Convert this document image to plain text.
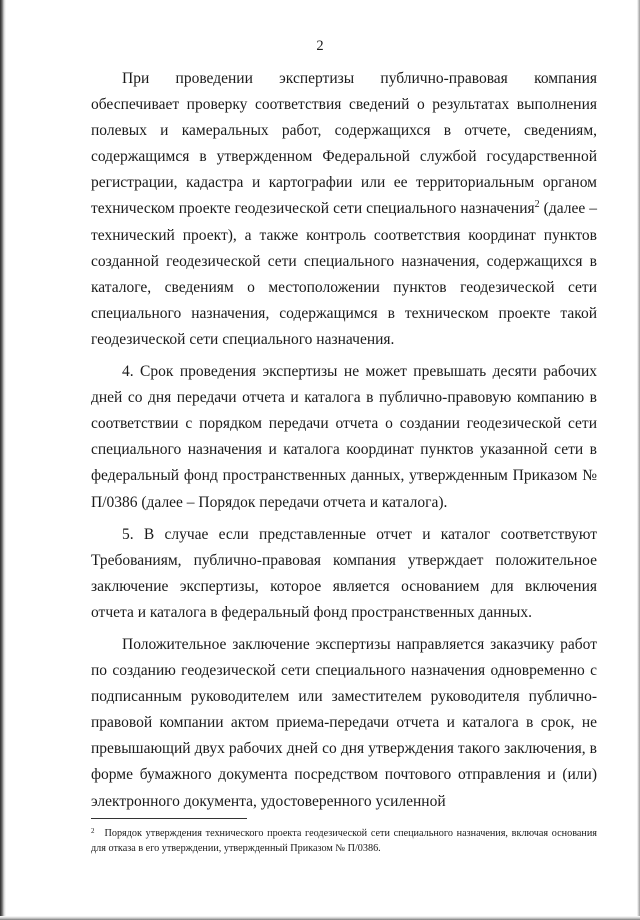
2

При проведении экспертизы публично-правовая компания обеспечивает проверку соответствия сведений о результатах выполнения полевых и камеральных работ, содержащихся в отчете, сведениям, содержащимся в утвержденном Федеральной службой государственной регистрации, кадастра и картографии или ее территориальным органом техническом проекте геодезической сети специального назначения$^2$ (далее – технический проект), а также контроль соответствия координат пунктов созданной геодезической сети специального назначения, содержащихся в каталоге, сведениям о местоположении пунктов геодезической сети специального назначения, содержащимся в техническом проекте такой геодезической сети специального назначения.

4. Срок проведения экспертизы не может превышать десяти рабочих дней со дня передачи отчета и каталога в публично-правовую компанию в соответствии с порядком передачи отчета о создании геодезической сети специального назначения и каталога координат пунктов указанной сети в федеральный фонд пространственных данных, утвержденным Приказом № П/0386 (далее – Порядок передачи отчета и каталога).

5. В случае если представленные отчет и каталог соответствуют Требованиям, публично-правовая компания утверждает положительное заключение экспертизы, которое является основанием для включения отчета и каталога в федеральный фонд пространственных данных.

Положительное заключение экспертизы направляется заказчику работ по созданию геодезической сети специального назначения одновременно с подписанным руководителем или заместителем руководителя публично-правовой компании актом приема-передачи отчета и каталога в срок, не превышающий двух рабочих дней со дня утверждения такого заключения, в форме бумажного документа посредством почтового отправления и (или) электронного документа, удостоверенного усиленной

$^2$ Порядок утверждения технического проекта геодезической сети специального назначения, включая основания для отказа в его утверждении, утвержденный Приказом № П/0386.
